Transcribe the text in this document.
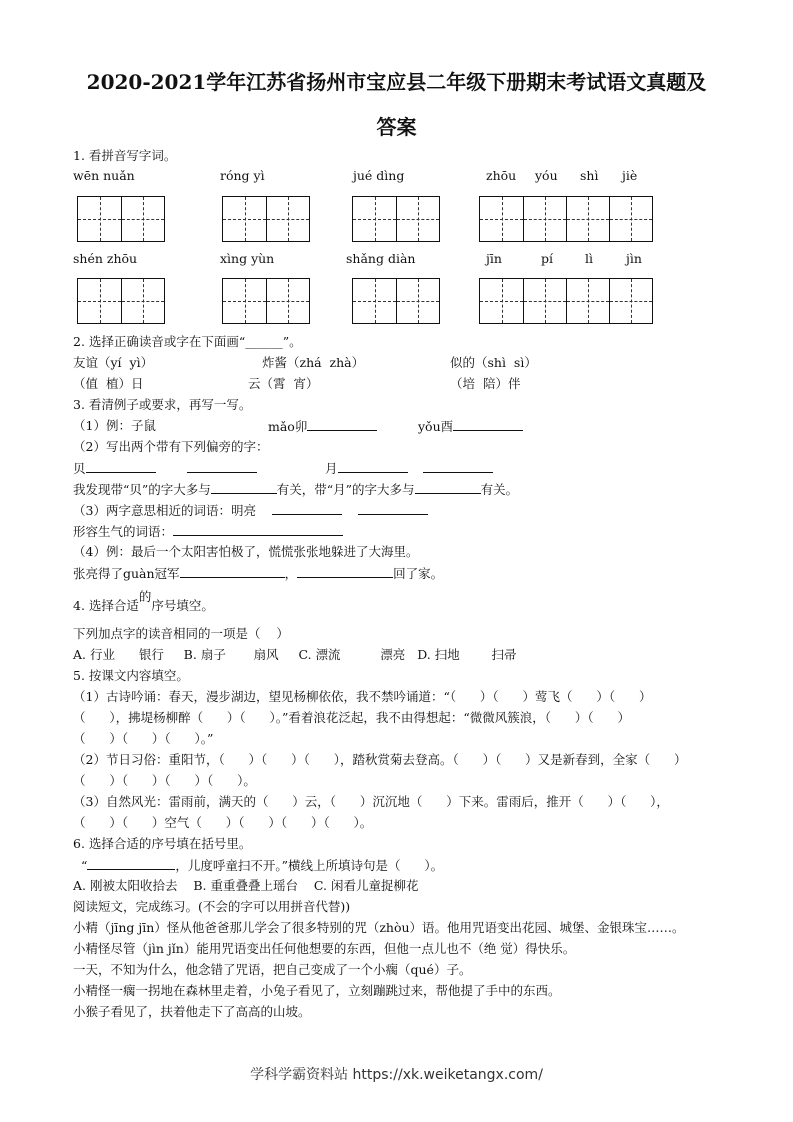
2020-2021学年江苏省扬州市宝应县二年级下册期末考试语文真题及
答案
1. 看拼音写字词。
wēn nuǎn	róng yì	jué dìng	zhōu yóu shì jiè
shén zhōu	xìng yùn	shǎng diàn	jīn	pí	lì	jìn
2. 选择正确读音或字在下面画“______”。
友谊（yí  yì）	炸酱（zhá  zhà）	似的（shì  sì）
（值  植）日	云（霄  宵）	（培  陪）伴
3. 看清例子或要求，再写一写。
（1）例：子鼠	mǎo卯	yǒu酉
（2）写出两个带有下列偏旁的字：
贝	月
我发现带“贝”的字大多与	有关，带“月”的字大多与	有关。
（3）两字意思相近的词语：明亮
形容生气的词语：
（4）例：最后一个太阳害怕极了，慌慌张张地躲进了大海里。
张亮得了guàn冠军	，	回了家。
4. 选择合适的序号填空。
下列加点字的读音相同的一项是（    ）
A. 行业      银行     B. 扇子       扇风     C. 漂流          漂亮   D. 扫地        扫帚
5. 按课文内容填空。
（1）古诗吟诵：春天，漫步湖边，望见杨柳依依，我不禁吟诵道：“（      ）（      ）莺飞（      ）（      ）
（      ），拂堤杨柳醉（      ）（      ）。”看着浪花泛起，我不由得想起：“微微风簇浪，（      ）（      ）
（      ）（      ）（      ）。”
（2）节日习俗：重阳节，（      ）（      ）（      ），踏秋赏菊去登高。（      ）（      ）又是新春到，全家（      ）
（      ）（      ）（      ）（      ）。
（3）自然风光：雷雨前，满天的（      ）云，（      ）沉沉地（      ）下来。雷雨后，推开（      ）（      ），
（      ）（      ）空气（      ）（      ）（      ）（      ）。
6. 选择合适的序号填在括号里。
“	，儿度呼童扫不开。”横线上所填诗句是（      ）。
A. 刚被太阳收拾去    B. 重重叠叠上瑶台    C. 闲看儿童捉柳花
阅读短文，完成练习。(不会的字可以用拼音代替))
小精（jīng jīn）怪从他爸爸那儿学会了很多特别的咒（zhòu）语。他用咒语变出花园、城堡、金银珠宝……。
小精怪尽管（jìn jǐn）能用咒语变出任何他想要的东西，但他一点儿也不（绝 觉）得快乐。
一天，不知为什么，他念错了咒语，把自己变成了一个小瘸（qué）子。
小精怪一瘸一拐地在森林里走着，小兔子看见了，立刻蹦跳过来，帮他提了手中的东西。
小猴子看见了，扶着他走下了高高的山坡。
学科学霸资料站 https://xk.weiketangx.com/
